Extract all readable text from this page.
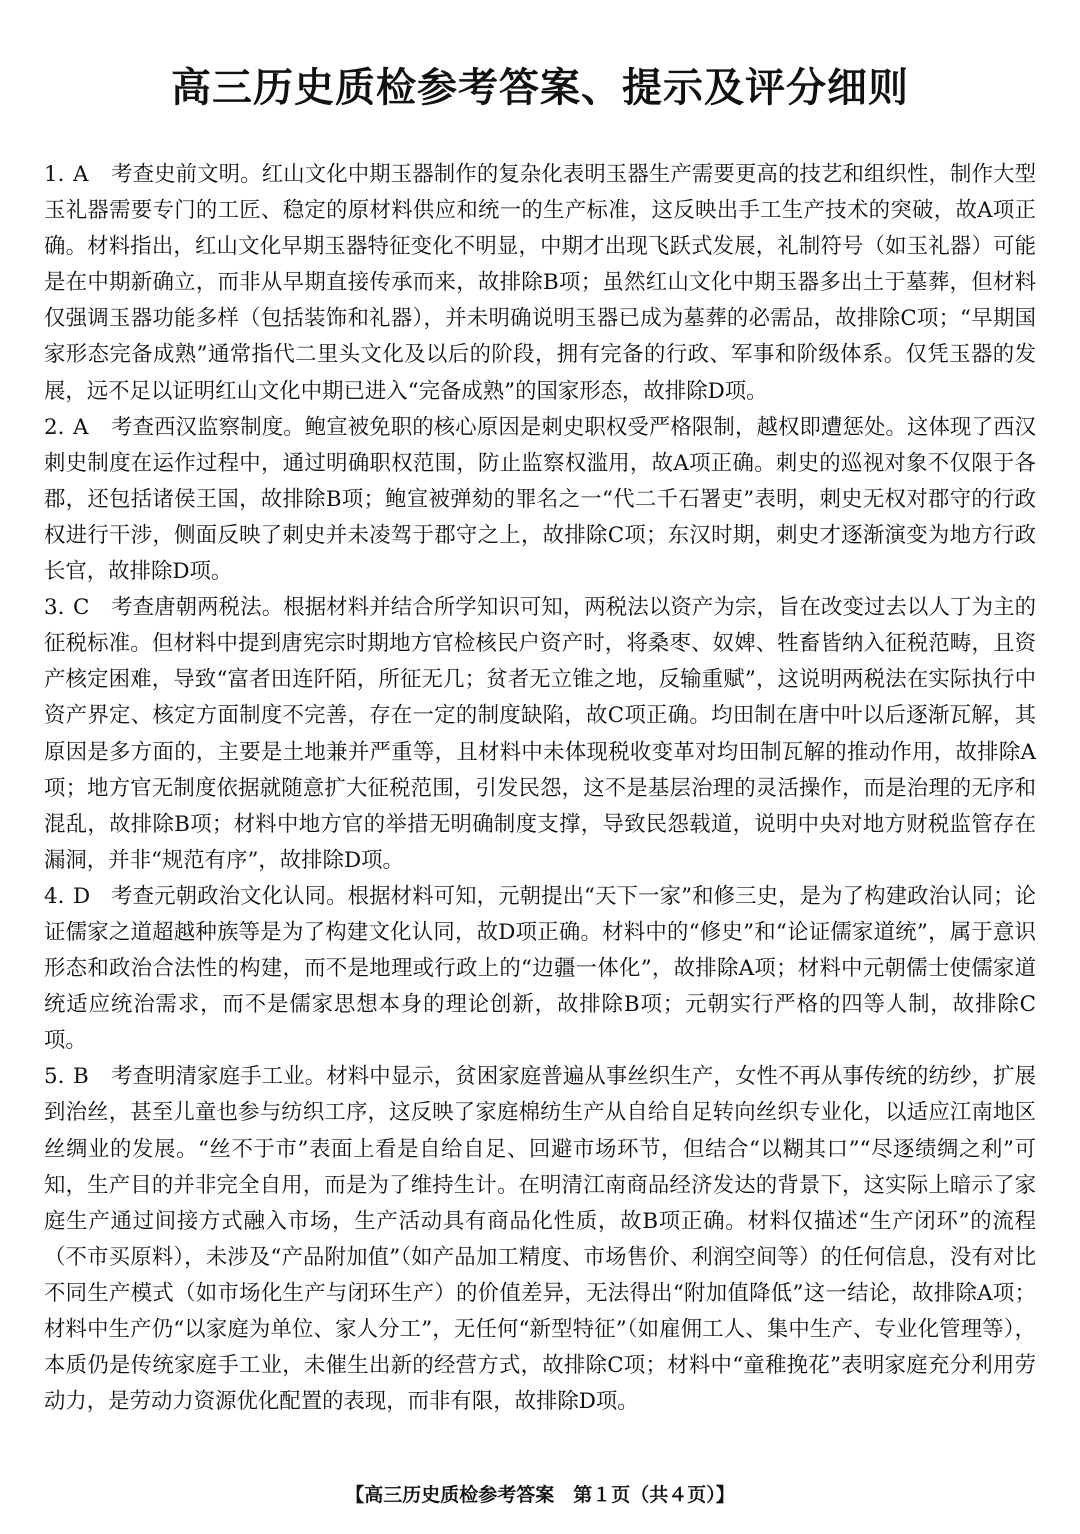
高三历史质检参考答案、提示及评分细则

1. A 考查史前文明。红山文化中期玉器制作的复杂化表明玉器生产需要更高的技艺和组织性，制作大型玉礼器需要专门的工匠、稳定的原材料供应和统一的生产标准，这反映出手工生产技术的突破，故A项正确。材料指出，红山文化早期玉器特征变化不明显，中期才出现飞跃式发展，礼制符号（如玉礼器）可能是在中期新确立，而非从早期直接传承而来，故排除B项；虽然红山文化中期玉器多出土于墓葬，但材料仅强调玉器功能多样（包括装饰和礼器），并未明确说明玉器已成为墓葬的必需品，故排除C项；“早期国家形态完备成熟”通常指代二里头文化及以后的阶段，拥有完备的行政、军事和阶级体系。仅凭玉器的发展，远不足以证明红山文化中期已进入“完备成熟”的国家形态，故排除D项。

2. A 考查西汉监察制度。鲍宣被免职的核心原因是刺史职权受严格限制，越权即遭惩处。这体现了西汉刺史制度在运作过程中，通过明确职权范围，防止监察权滥用，故A项正确。刺史的巡视对象不仅限于各郡，还包括诸侯王国，故排除B项；鲍宣被弹劾的罪名之一“代二千石署吏”表明，刺史无权对郡守的行政权进行干涉，侧面反映了刺史并未凌驾于郡守之上，故排除C项；东汉时期，刺史才逐渐演变为地方行政长官，故排除D项。

3. C 考查唐朝两税法。根据材料并结合所学知识可知，两税法以资产为宗，旨在改变过去以人丁为主的征税标准。但材料中提到唐宪宗时期地方官检核民户资产时，将桑枣、奴婢、牲畜皆纳入征税范畴，且资产核定困难，导致“富者田连阡陌，所征无几；贫者无立锥之地，反输重赋”，这说明两税法在实际执行中资产界定、核定方面制度不完善，存在一定的制度缺陷，故C项正确。均田制在唐中叶以后逐渐瓦解，其原因是多方面的，主要是土地兼并严重等，且材料中未体现税收变革对均田制瓦解的推动作用，故排除A项；地方官无制度依据就随意扩大征税范围，引发民怨，这不是基层治理的灵活操作，而是治理的无序和混乱，故排除B项；材料中地方官的举措无明确制度支撑，导致民怨载道，说明中央对地方财税监管存在漏洞，并非“规范有序”，故排除D项。

4. D 考查元朝政治文化认同。根据材料可知，元朝提出“天下一家”和修三史，是为了构建政治认同；论证儒家之道超越种族等是为了构建文化认同，故D项正确。材料中的“修史”和“论证儒家道统”，属于意识形态和政治合法性的构建，而不是地理或行政上的“边疆一体化”，故排除A项；材料中元朝儒士使儒家道统适应统治需求，而不是儒家思想本身的理论创新，故排除B项；元朝实行严格的四等人制，故排除C项。

5. B 考查明清家庭手工业。材料中显示，贫困家庭普遍从事丝织生产，女性不再从事传统的纺纱，扩展到治丝，甚至儿童也参与纺织工序，这反映了家庭棉纺生产从自给自足转向丝织专业化，以适应江南地区丝绸业的发展。“丝不于市”表面上看是自给自足、回避市场环节，但结合“以糊其口”“尽逐绩绸之利”可知，生产目的并非完全自用，而是为了维持生计。在明清江南商品经济发达的背景下，这实际上暗示了家庭生产通过间接方式融入市场，生产活动具有商品化性质，故B项正确。材料仅描述“生产闭环”的流程（不市买原料），未涉及“产品附加值”（如产品加工精度、市场售价、利润空间等）的任何信息，没有对比不同生产模式（如市场化生产与闭环生产）的价值差异，无法得出“附加值降低”这一结论，故排除A项；材料中生产仍“以家庭为单位、家人分工”，无任何“新型特征”（如雇佣工人、集中生产、专业化管理等），本质仍是传统家庭手工业，未催生出新的经营方式，故排除C项；材料中“童稚挽花”表明家庭充分利用劳动力，是劳动力资源优化配置的表现，而非有限，故排除D项。

【高三历史质检参考答案　第１页（共４页）】
